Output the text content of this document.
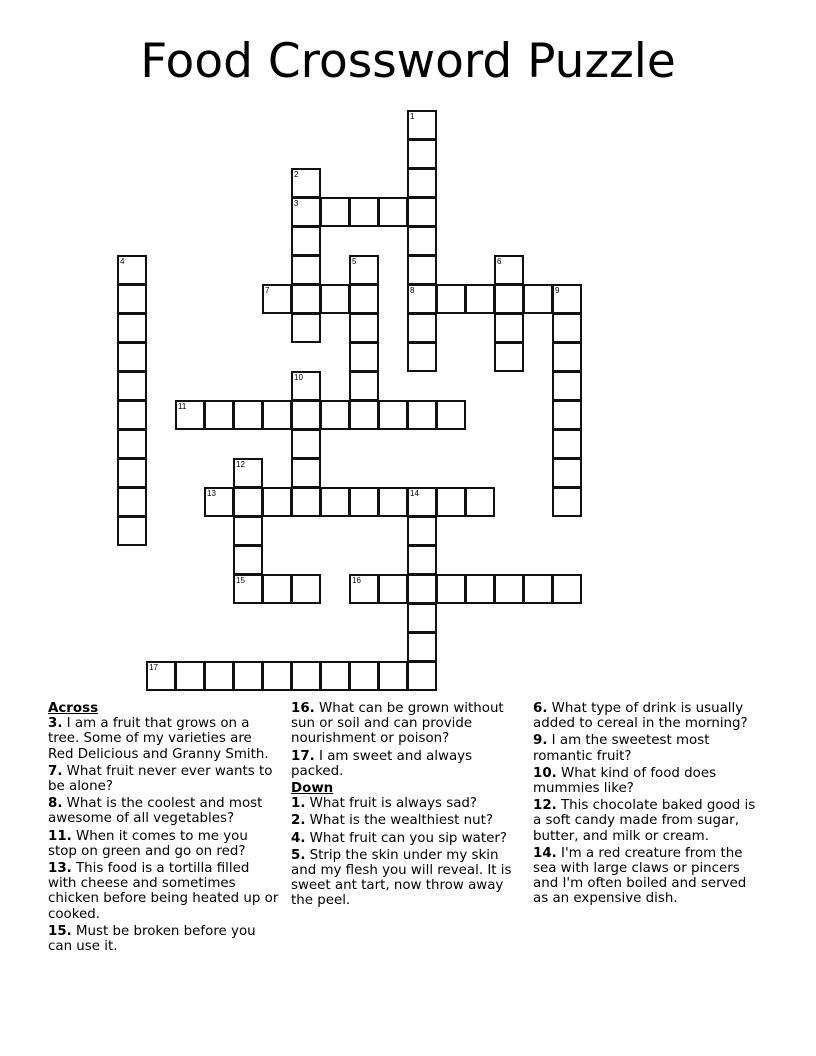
Food Crossword Puzzle
1
8
2
3
4	5	6
7	9
10
11
12
15
13	14
16
17
Across
3. I am a fruit that grows on a tree. Some of my varieties are Red Delicious and Granny Smith.
7. What fruit never ever wants to be alone?
8. What is the coolest and most awesome of all vegetables?
11. When it comes to me you stop on green and go on red?
13. This food is a tortilla filled with cheese and sometimes chicken before being heated up or cooked.
15. Must be broken before you can use it.
16. What can be grown without sun or soil and can provide nourishment or poison?
17. I am sweet and always packed.
Down
1. What fruit is always sad?
2. What is the wealthiest nut?
4. What fruit can you sip water?
5. Strip the skin under my skin and my flesh you will reveal. It is sweet ant tart, now throw away the peel.
6. What type of drink is usually added to cereal in the morning?
9. I am the sweetest most romantic fruit?
10. What kind of food does mummies like?
12. This chocolate baked good is a soft candy made from sugar, butter, and milk or cream.
14. I'm a red creature from the sea with large claws or pincers and I'm often boiled and served as an expensive dish.
